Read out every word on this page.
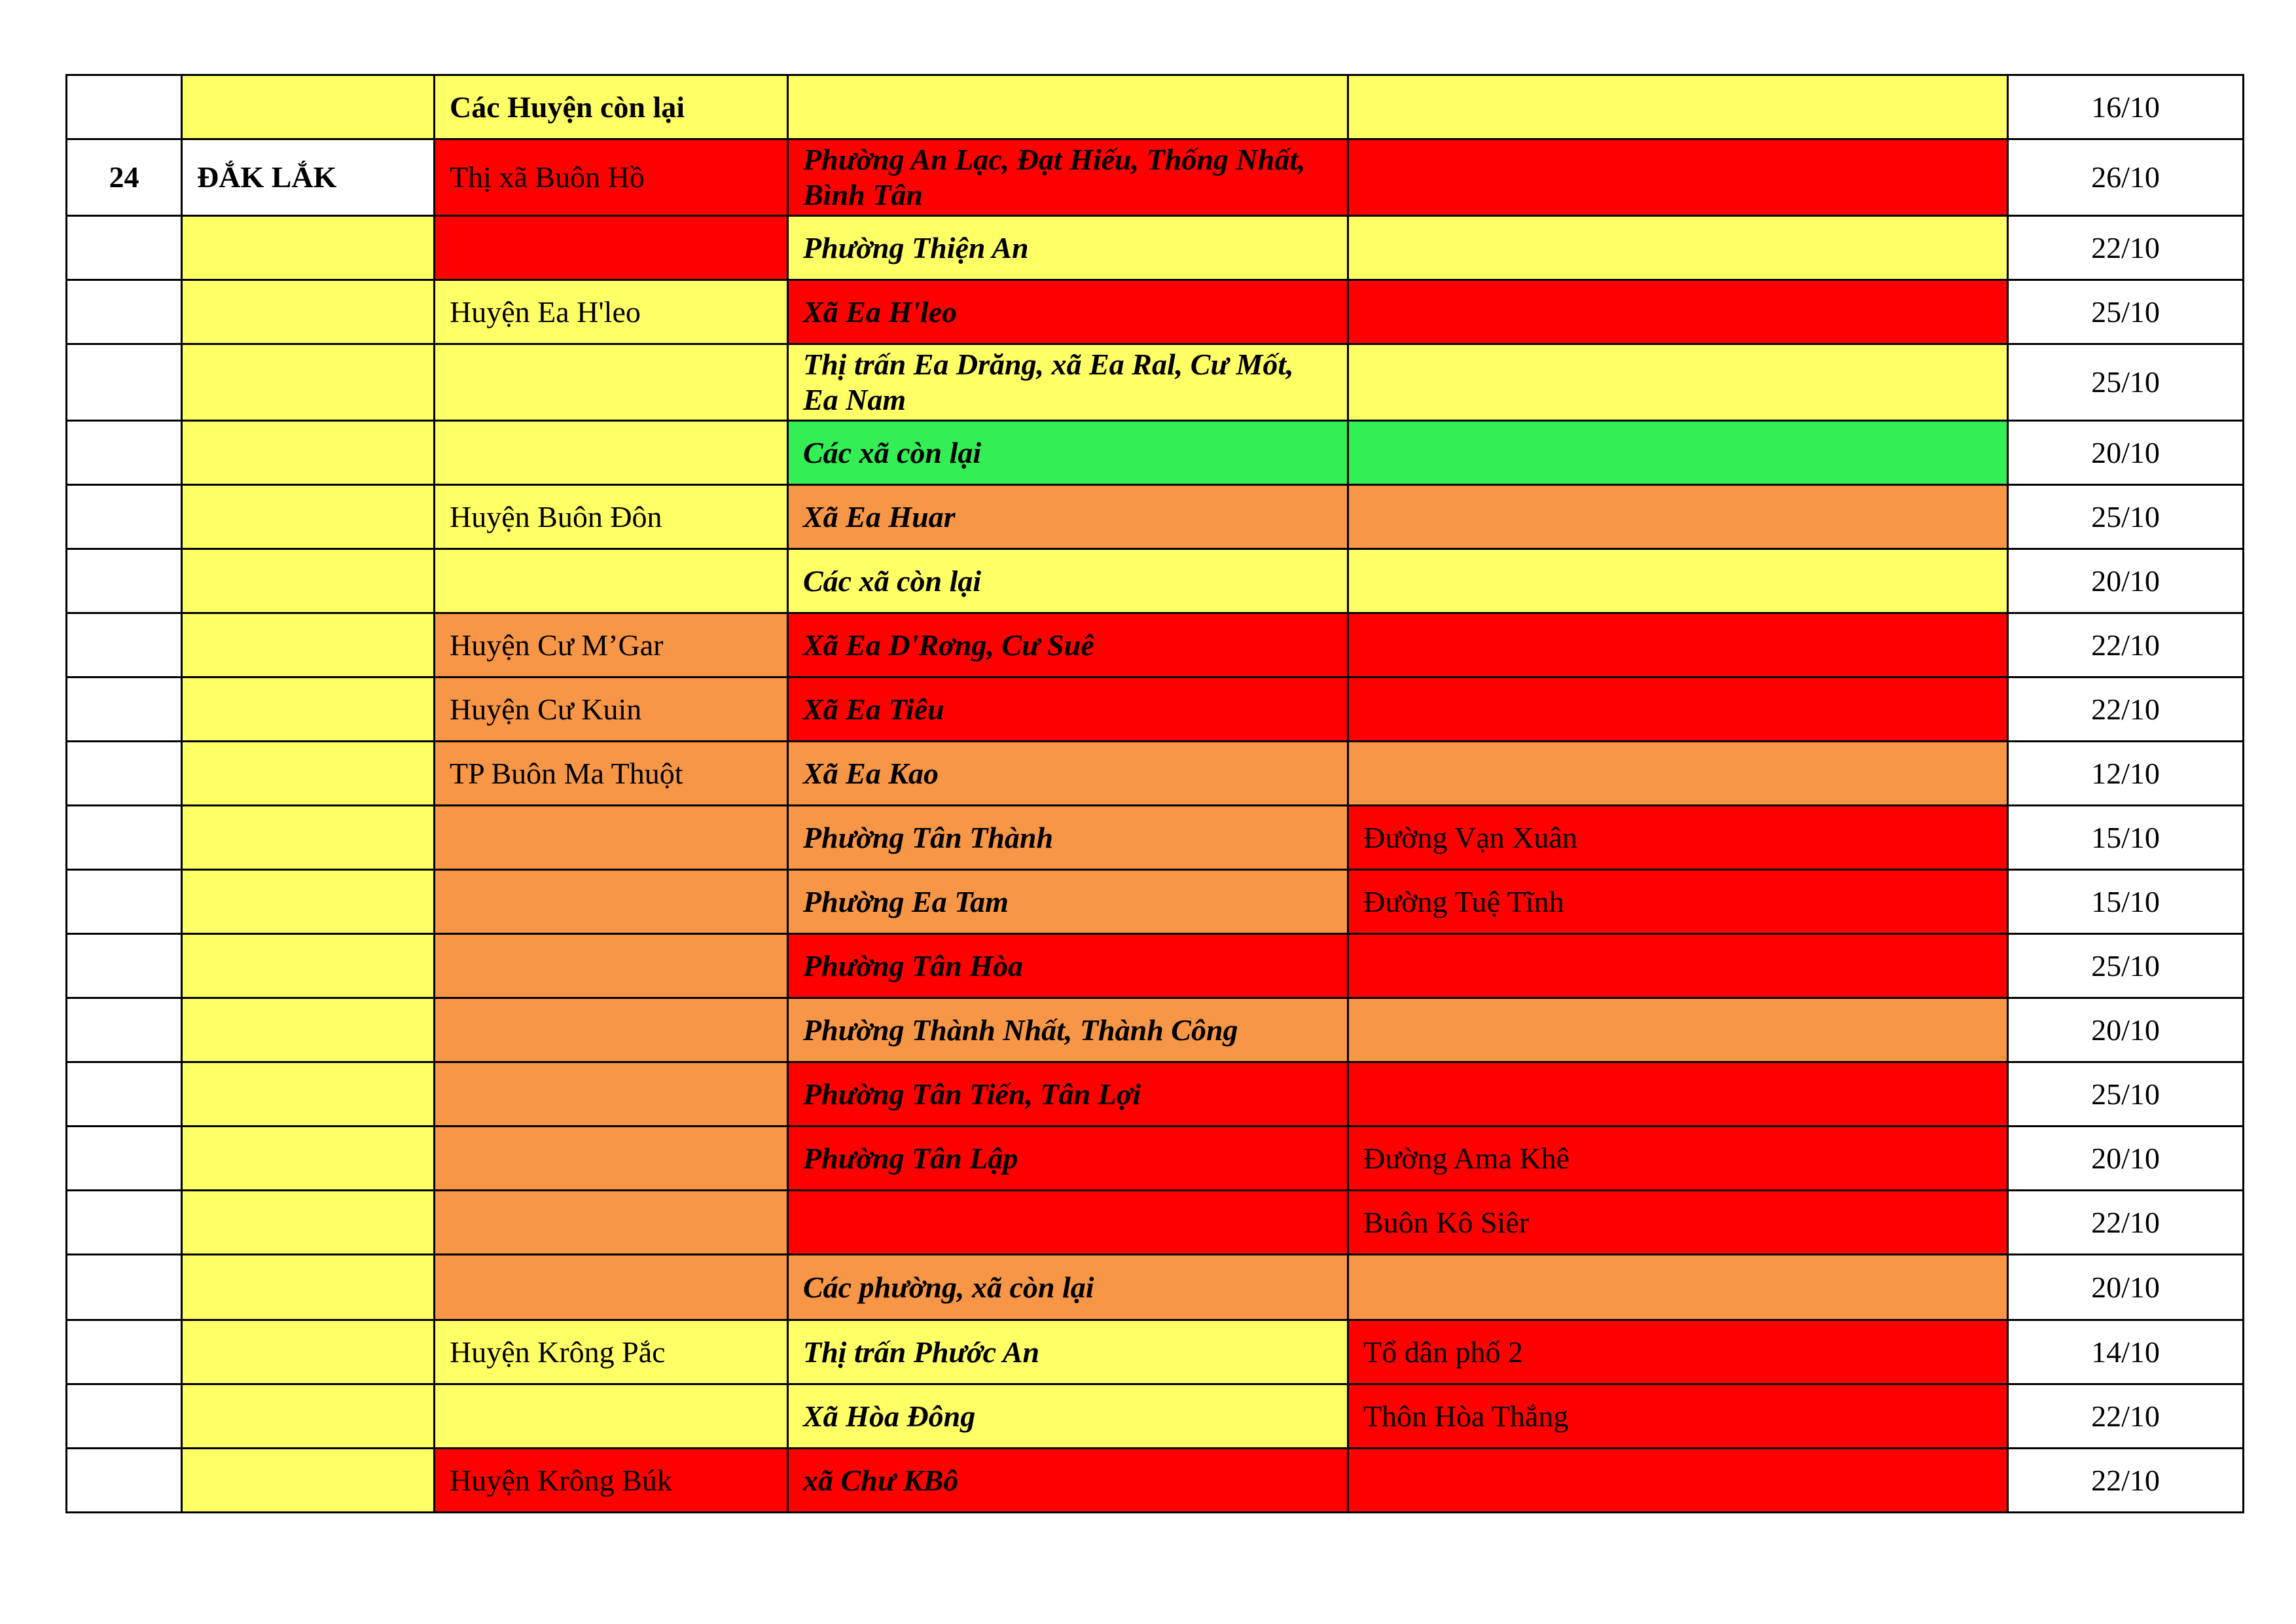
		Các Huyện còn lại			16/10
24	ĐẮK LẮK	Thị xã Buôn Hồ	Phường An Lạc, Đạt Hiếu, Thống Nhất, Bình Tân		26/10
			Phường Thiện An		22/10
		Huyện Ea H'leo	Xã Ea H'leo		25/10
			Thị trấn Ea Drăng, xã Ea Ral, Cư Mốt, Ea Nam		25/10
			Các xã còn lại		20/10
		Huyện Buôn Đôn	Xã Ea Huar		25/10
			Các xã còn lại		20/10
		Huyện Cư M’Gar	Xã Ea D'Rơng, Cư Suê		22/10
		Huyện Cư Kuin	Xã Ea Tiêu		22/10
		TP Buôn Ma Thuột	Xã Ea Kao		12/10
			Phường Tân Thành	Đường Vạn Xuân	15/10
			Phường Ea Tam	Đường Tuệ Tĩnh	15/10
			Phường Tân Hòa		25/10
			Phường Thành Nhất, Thành Công		20/10
			Phường Tân Tiến, Tân Lợi		25/10
			Phường Tân Lập	Đường Ama Khê	20/10
				Buôn Kô Siêr	22/10
			Các phường, xã còn lại		20/10
		Huyện Krông Pắc	Thị trấn Phước An	Tổ dân phố 2	14/10
			Xã Hòa Đông	Thôn Hòa Thắng	22/10
		Huyện Krông Búk	xã Chư KBô		22/10
